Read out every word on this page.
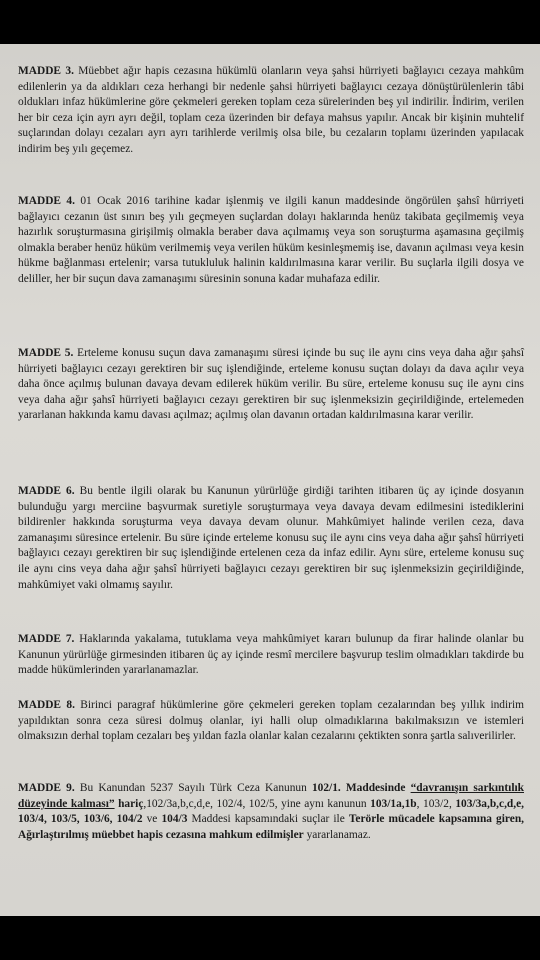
MADDE 3. Müebbet ağır hapis cezasına hükümlü olanların veya şahsi hürriyeti bağlayıcı cezaya mahkûm edilenlerin ya da aldıkları ceza herhangi bir nedenle şahsi hürriyeti bağlayıcı cezaya dönüştürülenlerin tâbi oldukları infaz hükümlerine göre çekmeleri gereken toplam ceza sürelerinden beş yıl indirilir. İndirim, verilen her bir ceza için ayrı ayrı değil, toplam ceza üzerinden bir defaya mahsus yapılır. Ancak bir kişinin muhtelif suçlarından dolayı cezaları ayrı ayrı tarihlerde verilmiş olsa bile, bu cezaların toplamı üzerinden yapılacak indirim beş yılı geçemez.

MADDE 4. 01 Ocak 2016 tarihine kadar işlenmiş ve ilgili kanun maddesinde öngörülen şahsî hürriyeti bağlayıcı cezanın üst sınırı beş yılı geçmeyen suçlardan dolayı haklarında henüz takibata geçilmemiş veya hazırlık soruşturmasına girişilmiş olmakla beraber dava açılmamış veya son soruşturma aşamasına geçilmiş olmakla beraber henüz hüküm verilmemiş veya verilen hüküm kesinleşmemiş ise, davanın açılması veya kesin hükme bağlanması ertelenir; varsa tutukluluk halinin kaldırılmasına karar verilir. Bu suçlarla ilgili dosya ve deliller, her bir suçun dava zamanaşımı süresinin sonuna kadar muhafaza edilir.

MADDE 5. Erteleme konusu suçun dava zamanaşımı süresi içinde bu suç ile aynı cins veya daha ağır şahsî hürriyeti bağlayıcı cezayı gerektiren bir suç işlendiğinde, erteleme konusu suçtan dolayı da dava açılır veya daha önce açılmış bulunan davaya devam edilerek hüküm verilir. Bu süre, erteleme konusu suç ile aynı cins veya daha ağır şahsî hürriyeti bağlayıcı cezayı gerektiren bir suç işlenmeksizin geçirildiğinde, ertelemeden yararlanan hakkında kamu davası açılmaz; açılmış olan davanın ortadan kaldırılmasına karar verilir.

MADDE 6. Bu bentle ilgili olarak bu Kanunun yürürlüğe girdiği tarihten itibaren üç ay içinde dosyanın bulunduğu yargı merciine başvurmak suretiyle soruşturmaya veya davaya devam edilmesini istediklerini bildirenler hakkında soruşturma veya davaya devam olunur. Mahkûmiyet halinde verilen ceza, dava zamanaşımı süresince ertelenir. Bu süre içinde erteleme konusu suç ile aynı cins veya daha ağır şahsî hürriyeti bağlayıcı cezayı gerektiren bir suç işlendiğinde ertelenen ceza da infaz edilir. Aynı süre, erteleme konusu suç ile aynı cins veya daha ağır şahsî hürriyeti bağlayıcı cezayı gerektiren bir suç işlenmeksizin geçirildiğinde, mahkûmiyet vaki olmamış sayılır.

MADDE 7. Haklarında yakalama, tutuklama veya mahkûmiyet kararı bulunup da firar halinde olanlar bu Kanunun yürürlüğe girmesinden itibaren üç ay içinde resmî mercilere başvurup teslim olmadıkları takdirde bu madde hükümlerinden yararlanamazlar.

MADDE 8. Birinci paragraf hükümlerine göre çekmeleri gereken toplam cezalarından beş yıllık indirim yapıldıktan sonra ceza süresi dolmuş olanlar, iyi halli olup olmadıklarına bakılmaksızın ve istemleri olmaksızın derhal toplam cezaları beş yıldan fazla olanlar kalan cezalarını çektikten sonra şartla salıverilirler.

MADDE 9. Bu Kanundan 5237 Sayılı Türk Ceza Kanunun 102/1. Maddesinde “davranışın sarkıntılık düzeyinde kalması” hariç,102/3a,b,c,d,e, 102/4, 102/5, yine aynı kanunun 103/1a,1b, 103/2, 103/3a,b,c,d,e, 103/4, 103/5, 103/6, 104/2 ve 104/3 Maddesi kapsamındaki suçlar ile Terörle mücadele kapsamına giren, Ağırlaştırılmış müebbet hapis cezasına mahkum edilmişler yararlanamaz.
